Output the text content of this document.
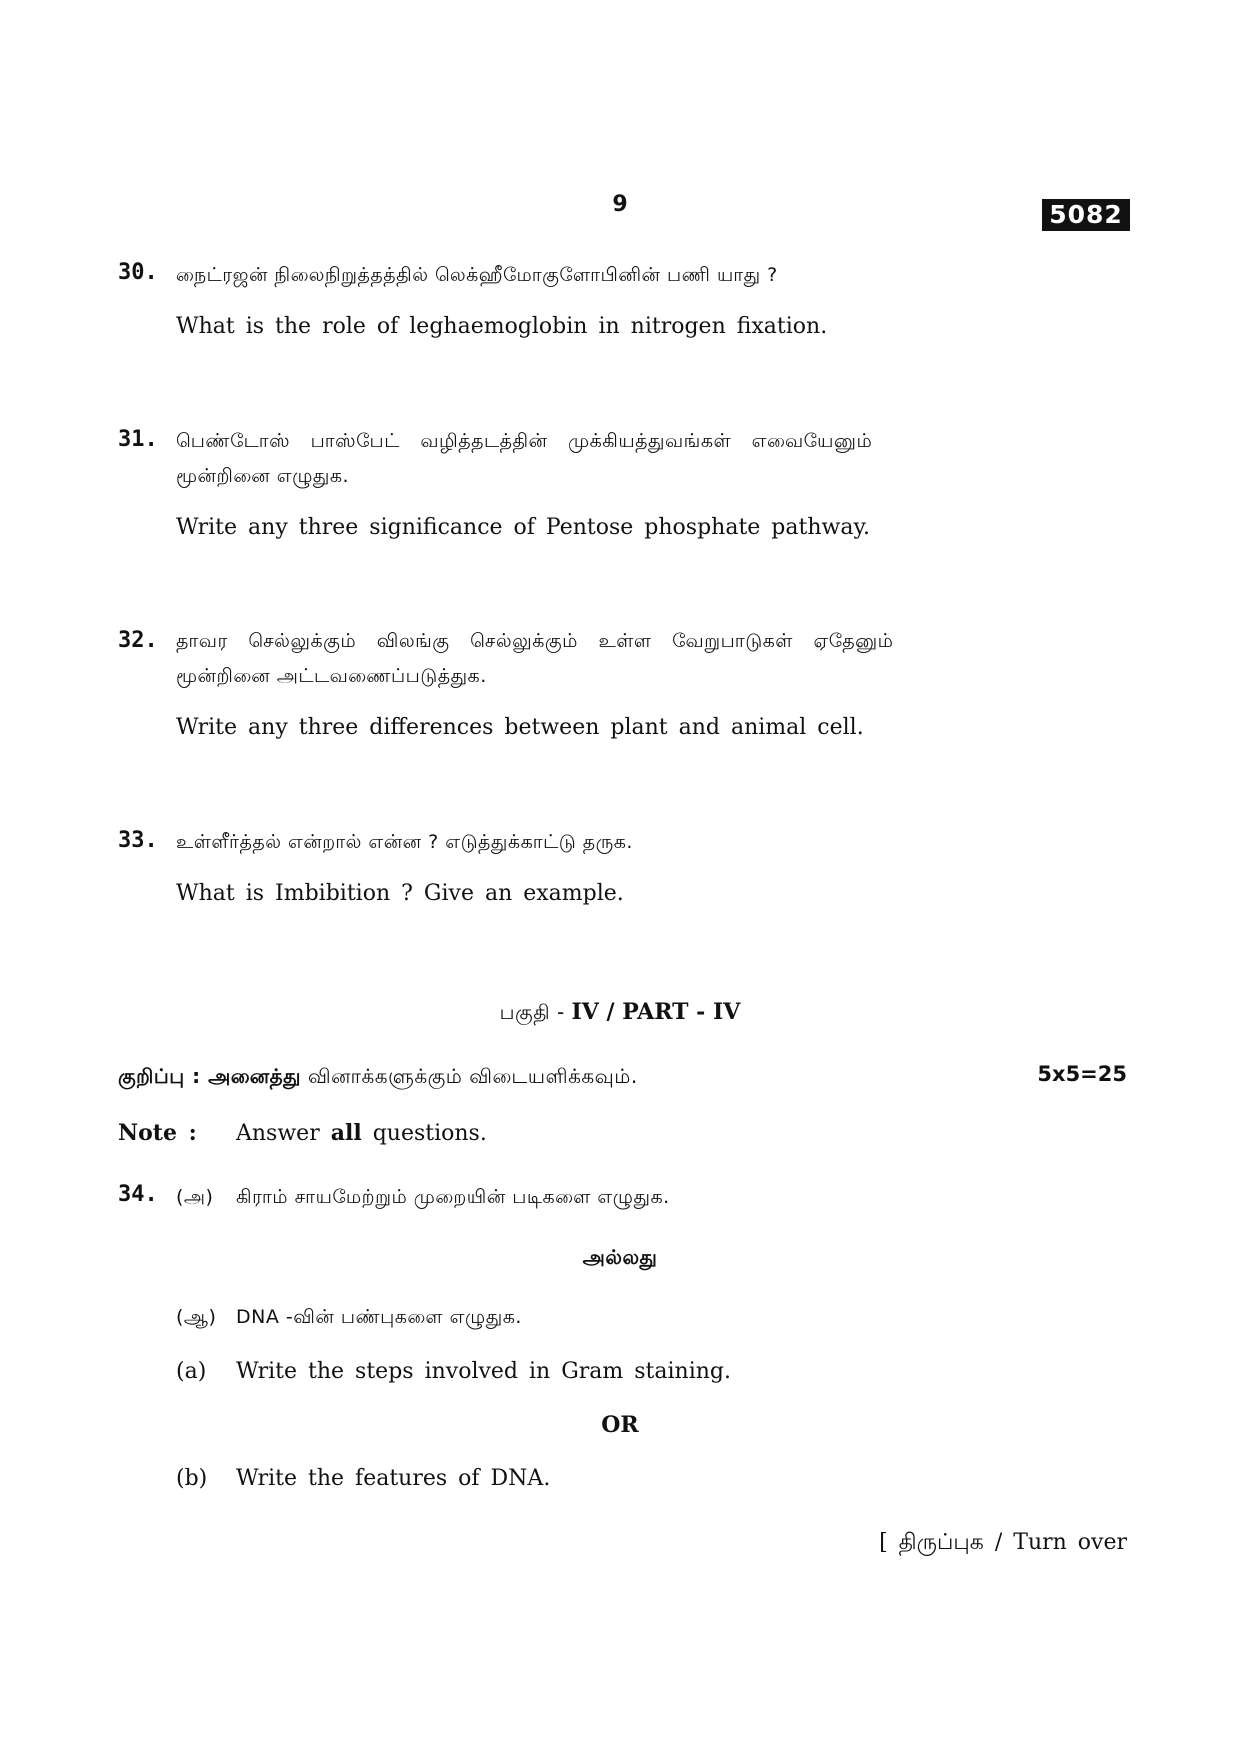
9	5082
30. நைட்ரஜன் நிலைநிறுத்தத்தில் லெக்ஹீமோகுளோபினின் பணி யாது ?
What is the role of leghaemoglobin in nitrogen fixation.
31. பெண்டோஸ் பாஸ்பேட் வழித்தடத்தின் முக்கியத்துவங்கள் எவையேனும்
மூன்றினை எழுதுக.
Write any three significance of Pentose phosphate pathway.
32. தாவர செல்லுக்கும் விலங்கு செல்லுக்கும் உள்ள வேறுபாடுகள் ஏதேனும்
மூன்றினை அட்டவணைப்படுத்துக.
Write any three differences between plant and animal cell.
33. உள்ளீர்த்தல் என்றால் என்ன ? எடுத்துக்காட்டு தருக.
What is Imbibition ? Give an example.
பகுதி - IV / PART - IV
குறிப்பு : அனைத்து வினாக்களுக்கும் விடையளிக்கவும்.	5x5=25
Note : Answer all questions.
34. (அ) கிராம் சாயமேற்றும் முறையின் படிகளை எழுதுக.
அல்லது
(ஆ) DNA -வின் பண்புகளை எழுதுக.
(a) Write the steps involved in Gram staining.
OR
(b) Write the features of DNA.
[ திருப்புக / Turn over
